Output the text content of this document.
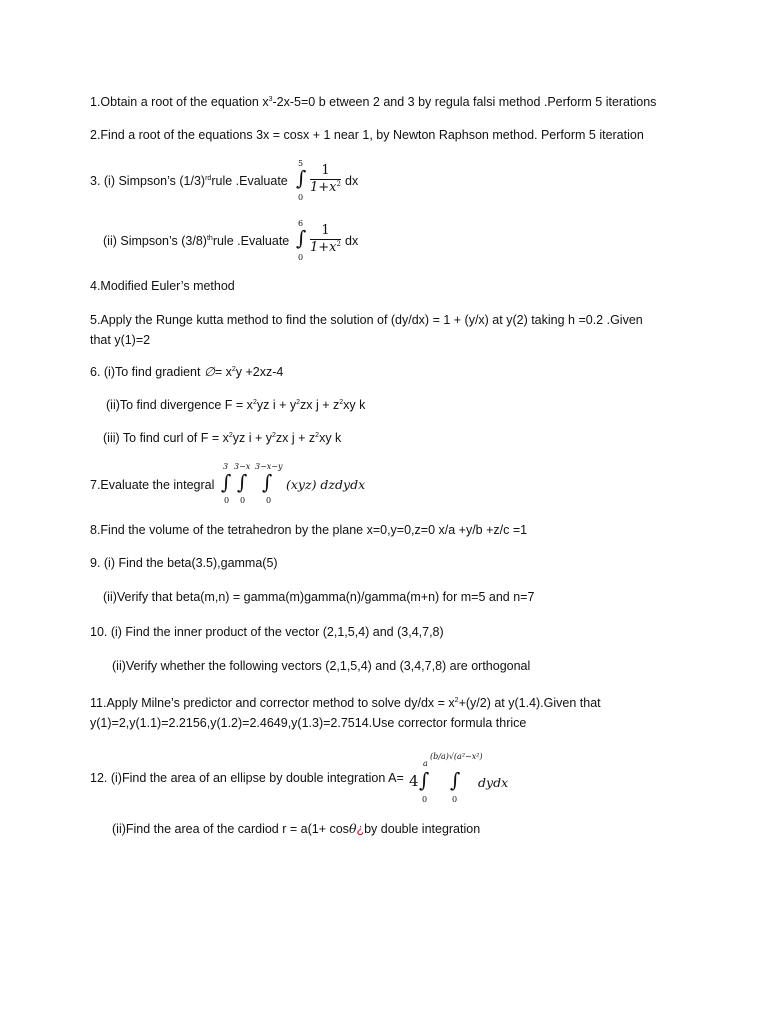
1.Obtain a root of the equation $x^3-2x-5=0$ b etween 2 and 3 by regula falsi method .Perform 5 iterations
2.Find a root of the equations 3x = cosx + 1 near 1, by Newton Raphson method. Perform 5 iteration
3. (i) Simpson’s $(1/3)^{rd}rule$ .Evaluate
5
∫
0
$\frac{1}{1+x^2}$ dx
(ii) Simpson’s $(3/8)^{th}rule$ .Evaluate
6
∫
0
$\frac{1}{1+x^2}$ dx
4.Modified Euler’s method
5.Apply the Runge kutta method to find the solution of (dy/dx) = 1 + (y/x) at y(2) taking h =0.2 .Given
that y(1)=2
6. (i)To find gradient ∅= $x^2y +2xz-4$
(ii)To find divergence $F = x^2yz$ $i + y^2zx$ $j + z^2xy$ k
(iii) To find curl of $F = x^2yz$ $i + y^2zx$ $j + z^2xy$ k
7.Evaluate the integral
3 3−x 3−x−y
∫ ∫ ∫
0 0	0
(xyz) dzdydx
8.Find the volume of the tetrahedron by the plane x=0,y=0,z=0 x/a +y/b +z/c =1
9. (i) Find the beta(3.5),gamma(5)
(ii)Verify that beta(m,n) = gamma(m)gamma(n)/gamma(m+n) for m=5 and n=7
10. (i) Find the inner product of the vector (2,1,5,4) and (3,4,7,8)
(ii)Verify whether the following vectors (2,1,5,4) and (3,4,7,8) are orthogonal
11.Apply Milne’s predictor and corrector method to solve $dy/dx = x^2+(y/2)$ at y(1.4).Given that
y(1)=2,y(1.1)=2.2156,y(1.2)=2.4649,y(1.3)=2.7514.Use corrector formula thrice
12. (i)Find the area of an ellipse by double integration A= 4
a
(b/a)√(a²−x²)
∫ ∫
0	0
dydx
(ii)Find the area of the cardiod r = a(1+ cosθ¿by double integration
